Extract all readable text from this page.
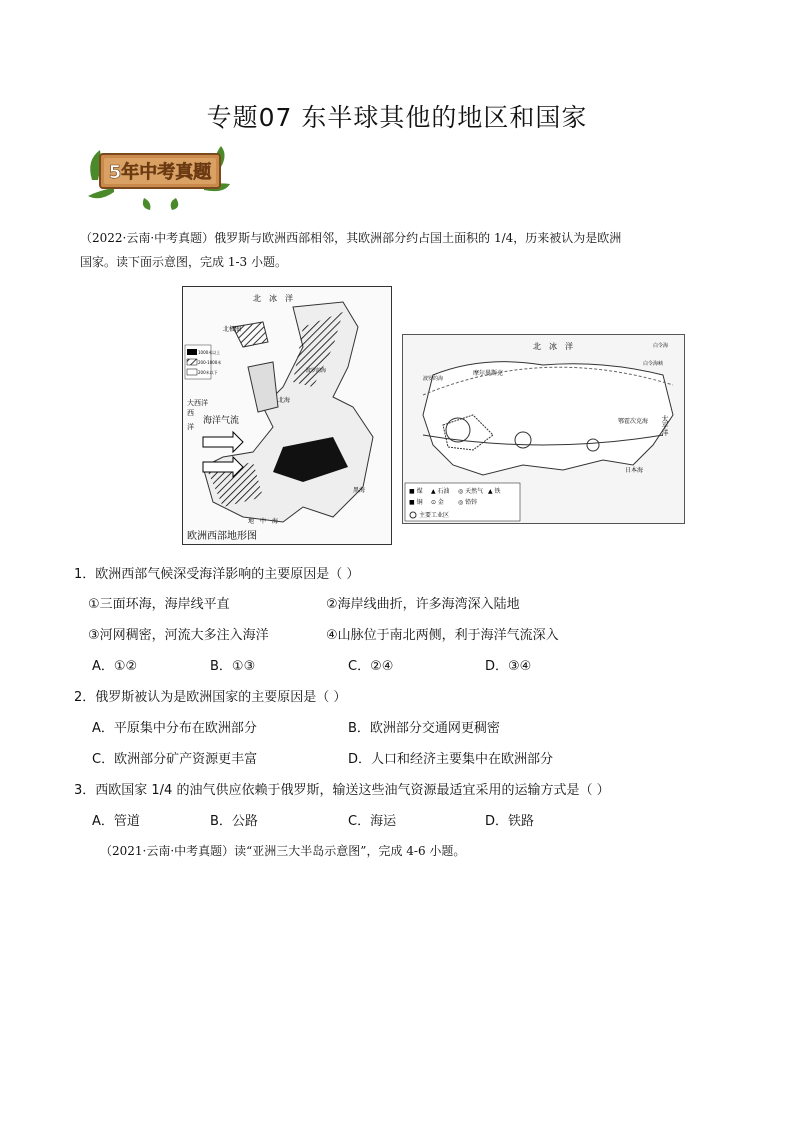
专题07 东半球其他的地区和国家
5年中考真题
（2022·云南·中考真题）俄罗斯与欧洲西部相邻，其欧洲部分约占国土面积的 1/4，历来被认为是欧洲
国家。读下面示意图，完成 1-3 小题。
1000米以上
200-1000米
200米以下
北　冰　洋
北极圈
大西洋
西
洋
海洋气流
北海
波罗的海
黑海
地　中　海
欧洲西部地形图
北　冰　洋
摩尔曼斯克
波罗的海
鄂霍次克海
日本海
白令海
白令海峡
太平洋
■ 煤 ▲ 石油 ◎ 天然气 ▲ 铁
■ 铜 ⊙ 金 ◎ 铅锌
主要工业区
1．欧洲西部气候深受海洋影响的主要原因是（ ）
①三面环海，海岸线平直	②海岸线曲折，许多海湾深入陆地
③河网稠密，河流大多注入海洋	④山脉位于南北两侧，利于海洋气流深入
A．①②	B．①③	C．②④	D．③④
2．俄罗斯被认为是欧洲国家的主要原因是（ ）
A．平原集中分布在欧洲部分	B．欧洲部分交通网更稠密
C．欧洲部分矿产资源更丰富	D．人口和经济主要集中在欧洲部分
3．西欧国家 1/4 的油气供应依赖于俄罗斯，输送这些油气资源最适宜采用的运输方式是（ ）
A．管道	B．公路	C．海运	D．铁路
（2021·云南·中考真题）读“亚洲三大半岛示意图”，完成 4-6 小题。
